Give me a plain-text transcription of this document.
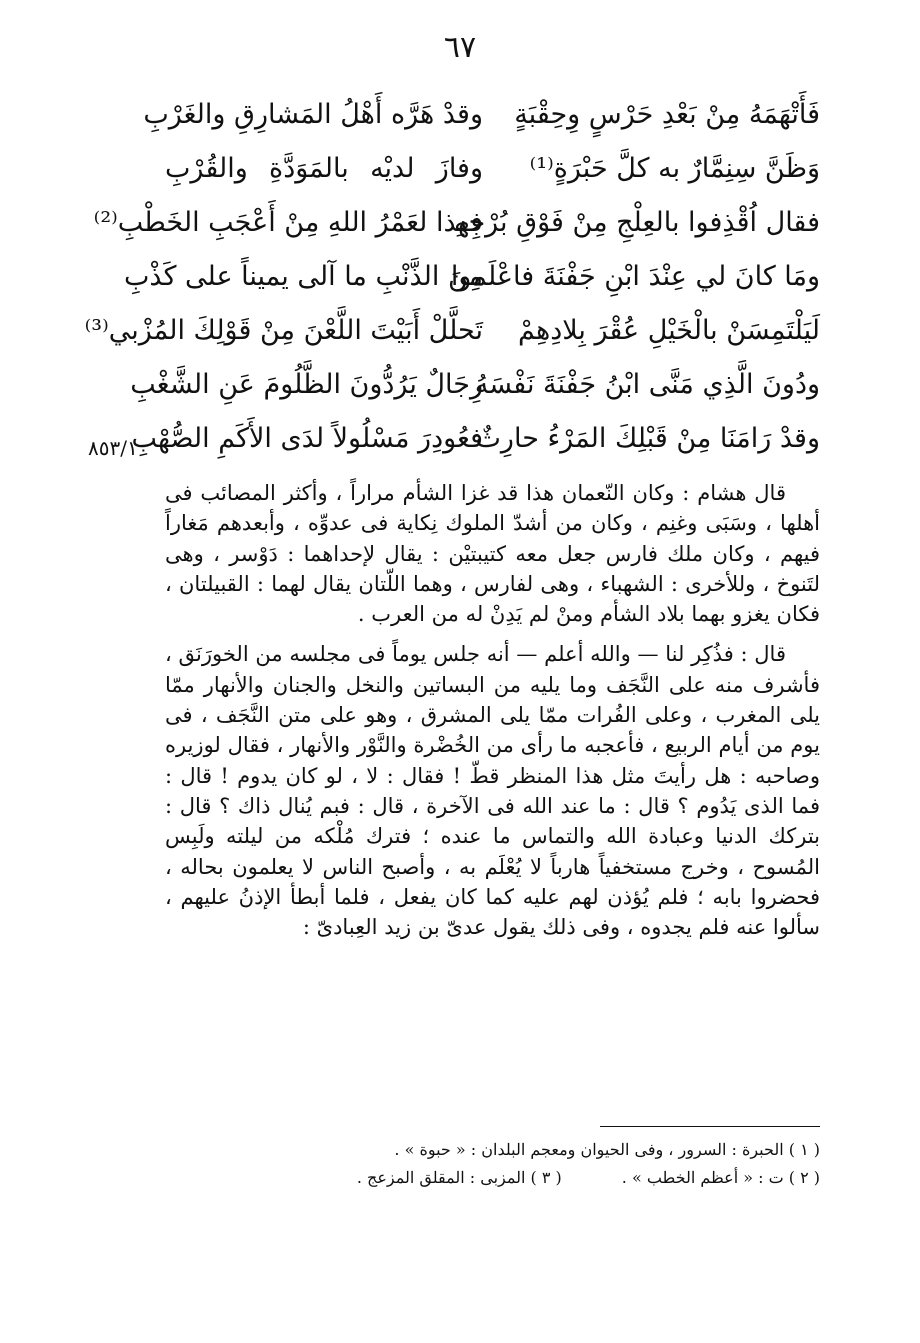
٦٧
فَأَتْهَمَهُ مِنْ بَعْدِ حَرْسٍ وِحِقْبَةٍ
وقدْ هَرَّه أَهْلُ المَشارِقِ والغَرْبِ
وَظَنَّ سِنِمَّارٌ به كلَّ حَبْرَةٍ⁽¹⁾
وفازَ لديْه بالمَوَدَّةِ والقُرْبِ
فقال اُقْذِفوا بالعِلْجِ مِنْ فَوْقِ بُرْجِهِ
فهذا لعَمْرُ اللهِ مِنْ أَعْجَبِ الخَطْبِ⁽²⁾
ومَا كانَ لي عِنْدَ ابْنِ جَفْنَةَ فاعْلَموا
مِنَ الذَّنْبِ ما آلى يميناً على كَذْبِ
لَيَلْتَمِسَنْ بالْخَيْلِ عُقْرَ بِلادِهِمْ
تَحلَّلْ أَبَيْتَ اللَّعْنَ مِنْ قَوْلِكَ المُزْبي⁽³⁾
ودُونَ الَّذِي مَنَّى ابْنُ جَفْنَةَ نَفْسَهُ
رِجَالٌ يَرُدُّونَ الظَّلُومَ عَنِ الشَّغْبِ
وقدْ رَامَنَا مِنْ قَبْلِكَ المَرْءُ حارِثٌ
فعُودِرَ مَسْلُولاً لدَى الأَكَمِ الصُّهْبِ
٨٥٣/١

قال هشام : وكان النّعمان هذا قد غزا الشأم مراراً ، وأكثر المصائب فى أهلها ، وسَبَى وغنِم ، وكان من أشدّ الملوك نِكاية فى عدوِّه ، وأبعدهم مَغاراً فيهم ، وكان ملك فارس جعل معه كتيبتيْن : يقال لإحداهما : دَوْسر ، وهى لتَنوخ ، وللأخرى : الشهباء ، وهى لفارس ، وهما اللّتان يقال لهما : القبيلتان ، فكان يغزو بهما بلاد الشأم ومنْ لم يَدِنْ له من العرب .

قال : فذُكِر لنا — والله أعلم — أنه جلس يوماً فى مجلسه من الخورَنَق ، فأشرف منه على النَّجَف وما يليه من البساتين والنخل والجنان والأنهار ممّا يلى المغرب ، وعلى الفُرات ممّا يلى المشرق ، وهو على متن النَّجَف ، فى يوم من أيام الربيع ، فأعجبه ما رأى من الخُضْرة والنَّوْر والأنهار ، فقال لوزيره وصاحبه : هل رأيتَ مثل هذا المنظر قطّ ! فقال : لا ، لو كان يدوم ! قال : فما الذى يَدُوم ؟ قال : ما عند الله فى الآخرة ، قال : فبم يُنال ذاك ؟ قال : بتركك الدنيا وعبادة الله والتماس ما عنده ؛ فترك مُلْكه من ليلته ولَبِس المُسوح ، وخرج مستخفياً هارباً لا يُعْلَم به ، وأصبح الناس لا يعلمون بحاله ، فحضروا بابه ؛ فلم يُؤذن لهم عليه كما كان يفعل ، فلما أبطأ الإذنُ عليهم ، سألوا عنه فلم يجدوه ، وفى ذلك يقول عدىّ بن زيد العِبادىّ :

( ١ ) الحبرة : السرور ، وفى الحيوان ومعجم البلدان : « حبوة » .
( ٢ ) ت : « أعظم الخطب » .
( ٣ ) المزبى : المقلق المزعج .
